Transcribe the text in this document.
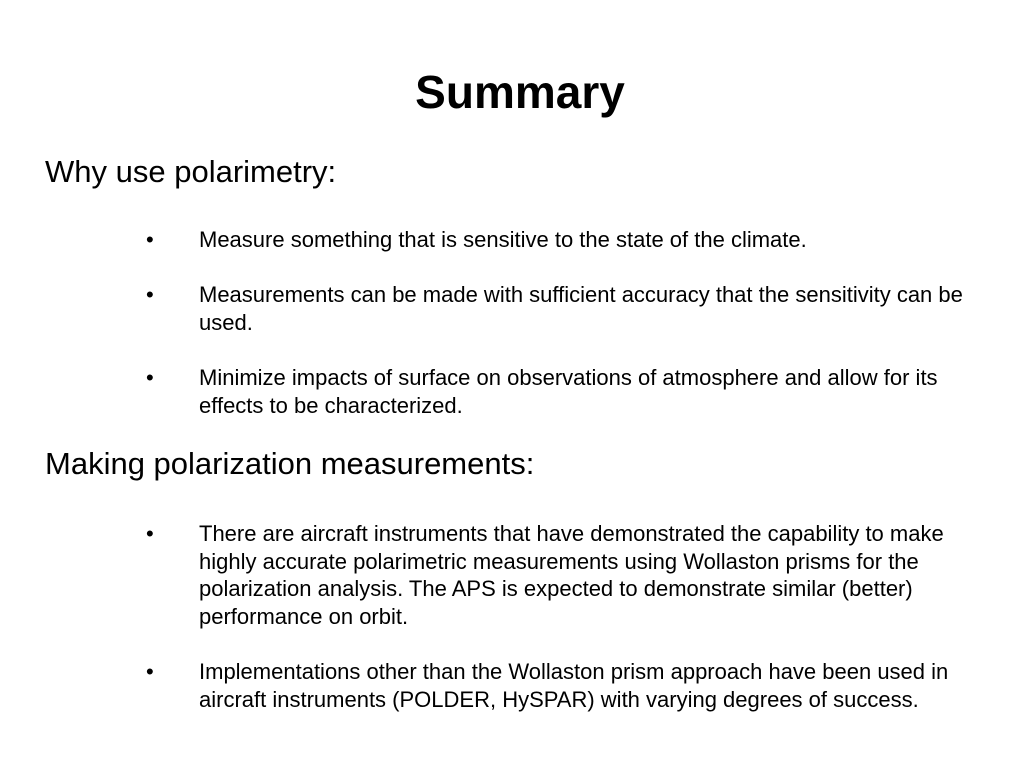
Summary
Why use polarimetry:
•	Measure something that is sensitive to the state of the climate.
•	Measurements can be made with sufficient accuracy that the sensitivity can be used.
•	Minimize impacts of surface on observations of atmosphere and allow for its effects to be characterized.
Making polarization measurements:
•	There are aircraft instruments that have demonstrated the capability to make highly accurate polarimetric measurements using Wollaston prisms for the polarization analysis. The APS is expected to demonstrate similar (better) performance on orbit.
•	Implementations other than the Wollaston prism approach have been used in aircraft instruments (POLDER, HySPAR) with varying degrees of success.
